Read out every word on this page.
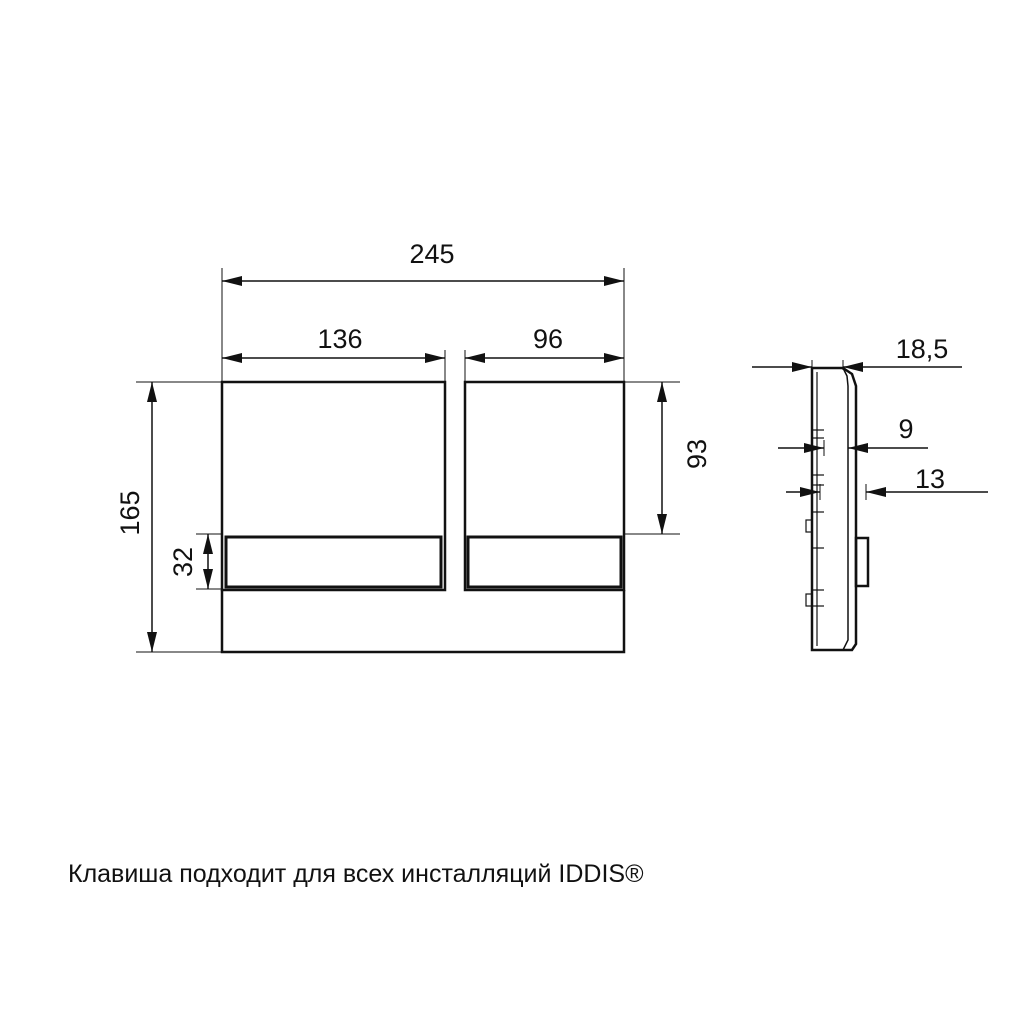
245
136	96
165
93
32
18,5
9
13
Клавиша подходит для всех инсталляций IDDIS®
